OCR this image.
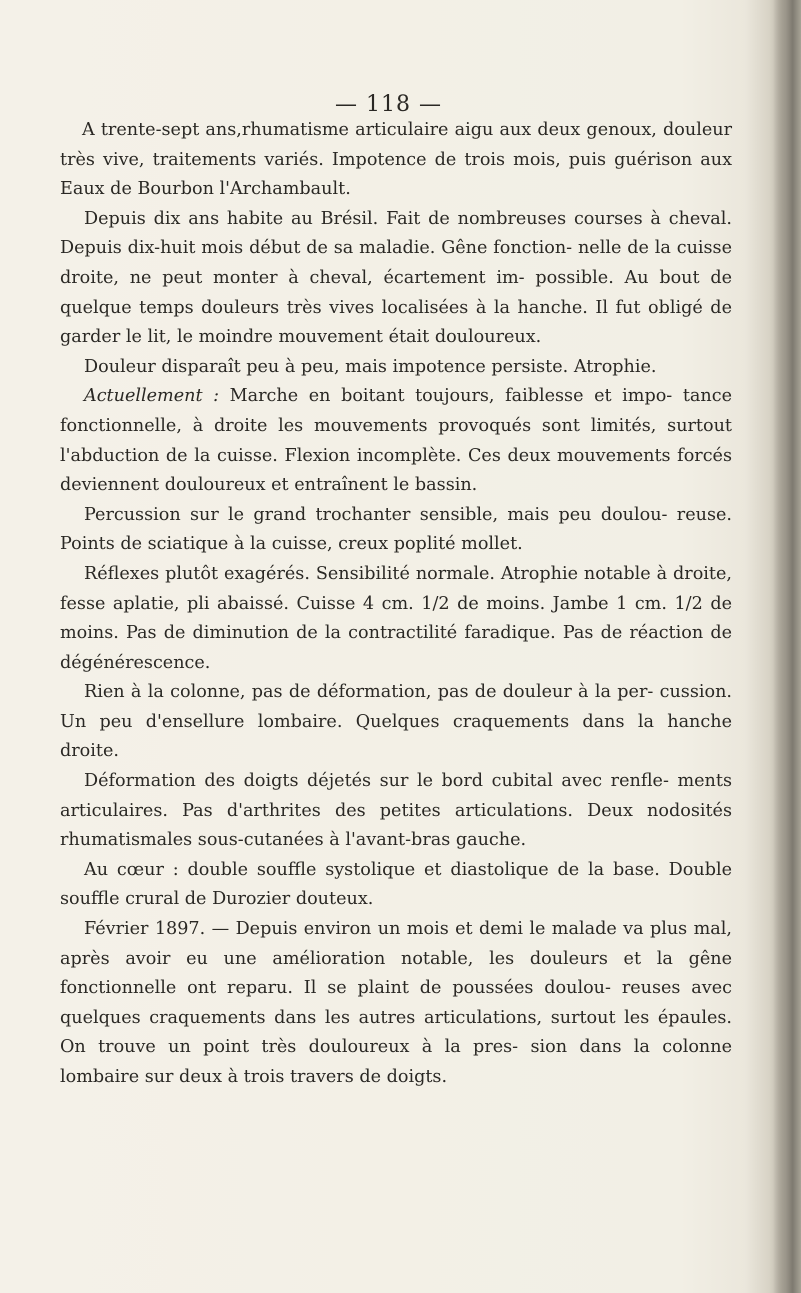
— 118 —

A trente-sept ans,rhumatisme articulaire aigu aux deux genoux, douleur très vive, traitements variés. Impotence de trois mois, puis guérison aux Eaux de Bourbon l'Archambault.

Depuis dix ans habite au Brésil. Fait de nombreuses courses à cheval. Depuis dix-huit mois début de sa maladie. Gêne fonction- nelle de la cuisse droite, ne peut monter à cheval, écartement im- possible. Au bout de quelque temps douleurs très vives localisées à la hanche. Il fut obligé de garder le lit, le moindre mouvement était douloureux.

Douleur disparaît peu à peu, mais impotence persiste. Atrophie.

Actuellement : Marche en boitant toujours, faiblesse et impo- tance fonctionnelle, à droite les mouvements provoqués sont limités, surtout l'abduction de la cuisse. Flexion incomplète. Ces deux mouvements forcés deviennent douloureux et entraînent le bassin.

Percussion sur le grand trochanter sensible, mais peu doulou- reuse. Points de sciatique à la cuisse, creux poplité mollet.

Réflexes plutôt exagérés. Sensibilité normale. Atrophie notable à droite, fesse aplatie, pli abaissé. Cuisse 4 cm. 1/2 de moins. Jambe 1 cm. 1/2 de moins. Pas de diminution de la contractilité faradique. Pas de réaction de dégénérescence.

Rien à la colonne, pas de déformation, pas de douleur à la per- cussion. Un peu d'ensellure lombaire. Quelques craquements dans la hanche droite.

Déformation des doigts déjetés sur le bord cubital avec renfle- ments articulaires. Pas d'arthrites des petites articulations. Deux nodosités rhumatismales sous-cutanées à l'avant-bras gauche.

Au cœur : double souffle systolique et diastolique de la base. Double souffle crural de Durozier douteux.

Février 1897. — Depuis environ un mois et demi le malade va plus mal, après avoir eu une amélioration notable, les douleurs et la gêne fonctionnelle ont reparu. Il se plaint de poussées doulou- reuses avec quelques craquements dans les autres articulations, surtout les épaules. On trouve un point très douloureux à la pres- sion dans la colonne lombaire sur deux à trois travers de doigts.
